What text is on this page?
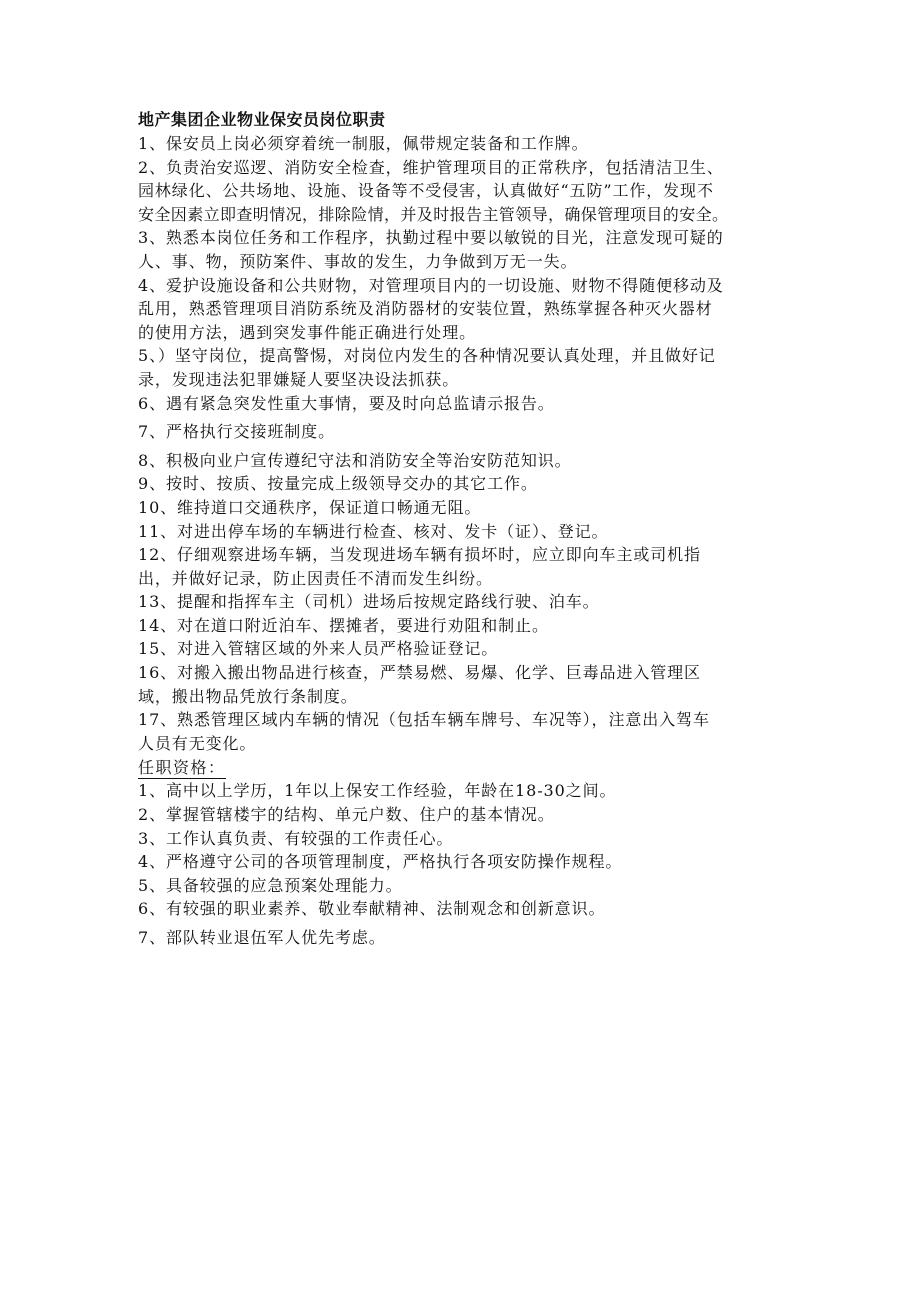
地产集团企业物业保安员岗位职责
1、保安员上岗必须穿着统一制服，佩带规定装备和工作牌。
2、负责治安巡逻、消防安全检查，维护管理项目的正常秩序，包括清洁卫生、
园林绿化、公共场地、设施、设备等不受侵害，认真做好“五防”工作，发现不
安全因素立即查明情况，排除险情，并及时报告主管领导，确保管理项目的安全。
3、熟悉本岗位任务和工作程序，执勤过程中要以敏锐的目光，注意发现可疑的
人、事、物，预防案件、事故的发生，力争做到万无一失。
4、爱护设施设备和公共财物，对管理项目内的一切设施、财物不得随便移动及
乱用，熟悉管理项目消防系统及消防器材的安装位置，熟练掌握各种灭火器材
的使用方法，遇到突发事件能正确进行处理。
5、）坚守岗位，提高警惕，对岗位内发生的各种情况要认真处理，并且做好记
录，发现违法犯罪嫌疑人要坚决设法抓获。
6、遇有紧急突发性重大事情，要及时向总监请示报告。
7、严格执行交接班制度。
8、积极向业户宣传遵纪守法和消防安全等治安防范知识。
9、按时、按质、按量完成上级领导交办的其它工作。
10、维持道口交通秩序，保证道口畅通无阻。
11、对进出停车场的车辆进行检查、核对、发卡（证）、登记。
12、仔细观察进场车辆，当发现进场车辆有损坏时，应立即向车主或司机指
出，并做好记录，防止因责任不清而发生纠纷。
13、提醒和指挥车主（司机）进场后按规定路线行驶、泊车。
14、对在道口附近泊车、摆摊者，要进行劝阻和制止。
15、对进入管辖区域的外来人员严格验证登记。
16、对搬入搬出物品进行核查，严禁易燃、易爆、化学、巨毒品进入管理区
域，搬出物品凭放行条制度。
17、熟悉管理区域内车辆的情况（包括车辆车牌号、车况等），注意出入驾车
人员有无变化。
任职资格：
1、高中以上学历，1年以上保安工作经验，年龄在18-30之间。
2、掌握管辖楼宇的结构、单元户数、住户的基本情况。
3、工作认真负责、有较强的工作责任心。
4、严格遵守公司的各项管理制度，严格执行各项安防操作规程。
5、具备较强的应急预案处理能力。
6、有较强的职业素养、敬业奉献精神、法制观念和创新意识。
7、部队转业退伍军人优先考虑。
